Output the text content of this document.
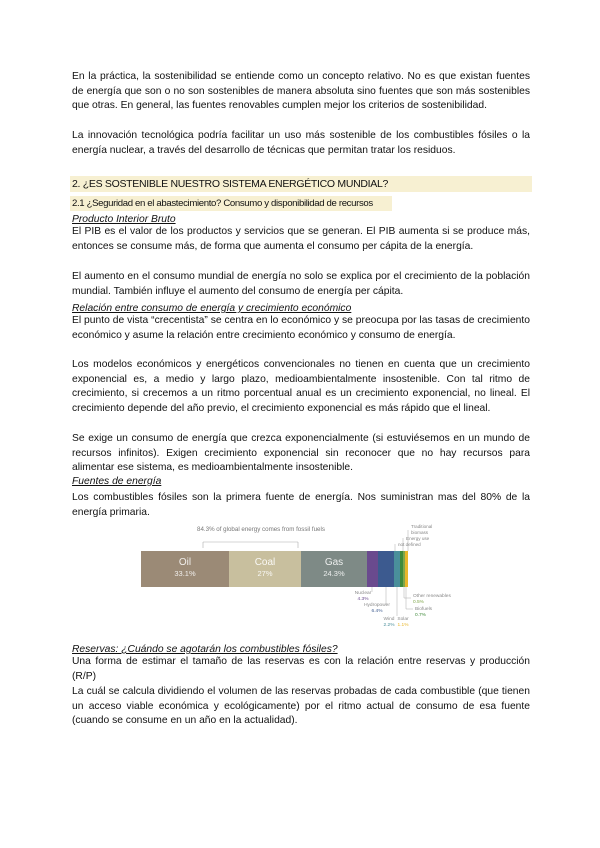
En la práctica, la sostenibilidad se entiende como un concepto relativo. No es que existan fuentes de energía que son o no son sostenibles de manera absoluta sino fuentes que son más sostenibles que otras. En general, las fuentes renovables cumplen mejor los criterios de sostenibilidad.

La innovación tecnológica podría facilitar un uso más sostenible de los combustibles fósiles o la energía nuclear, a través del desarrollo de técnicas que permitan tratar los residuos.

2. ¿ES SOSTENIBLE NUESTRO SISTEMA ENERGÉTICO MUNDIAL?
2.1 ¿Seguridad en el abastecimiento? Consumo y disponibilidad de recursos
Producto Interior Bruto

El PIB es el valor de los productos y servicios que se generan. El PIB aumenta si se produce más, entonces se consume más, de forma que aumenta el consumo per cápita de la energía.

El aumento en el consumo mundial de energía no solo se explica por el crecimiento de la población mundial. También influye el aumento del consumo de energía per cápita.

Relación entre consumo de energía y crecimiento económico

El punto de vista “crecentista” se centra en lo económico y se preocupa por las tasas de crecimiento económico y asume la relación entre crecimiento económico y consumo de energía.

Los modelos económicos y energéticos convencionales no tienen en cuenta que un crecimiento exponencial es, a medio y largo plazo, medioambientalmente insostenible. Con tal ritmo de crecimiento, si crecemos a un ritmo porcentual anual es un crecimiento exponencial, no lineal. El crecimiento depende del año previo, el crecimiento exponencial es más rápido que el lineal.

Se exige un consumo de energía que crezca exponencialmente (si estuviésemos en un mundo de recursos infinitos). Exigen crecimiento exponencial sin reconocer que no hay recursos para alimentar ese sistema, es medioambientalmente insostenible.

Fuentes de energía

Los combustibles fósiles son la primera fuente de energía. Nos suministran mas del 80% de la energía primaria.

84.3% of global energy comes from fossil fuels
Oil
33.1%
Coal
27%
Gas
24.3%
Traditional
biomass
Energy use
not defined
Nuclear
4.3%
Hydropower
6.4%
Wind
2.2%
Other renewables
0.5%
Biofuels
0.7%
Solar
1.1%
Reservas: ¿Cuándo se agotarán los combustibles fósiles?

Una forma de estimar el tamaño de las reservas es con la relación entre reservas y producción (R/P)

La cuál se calcula dividiendo el volumen de las reservas probadas de cada combustible (que tienen un acceso viable económica y ecológicamente) por el ritmo actual de consumo de esa fuente (cuando se consume en un año en la actualidad).
